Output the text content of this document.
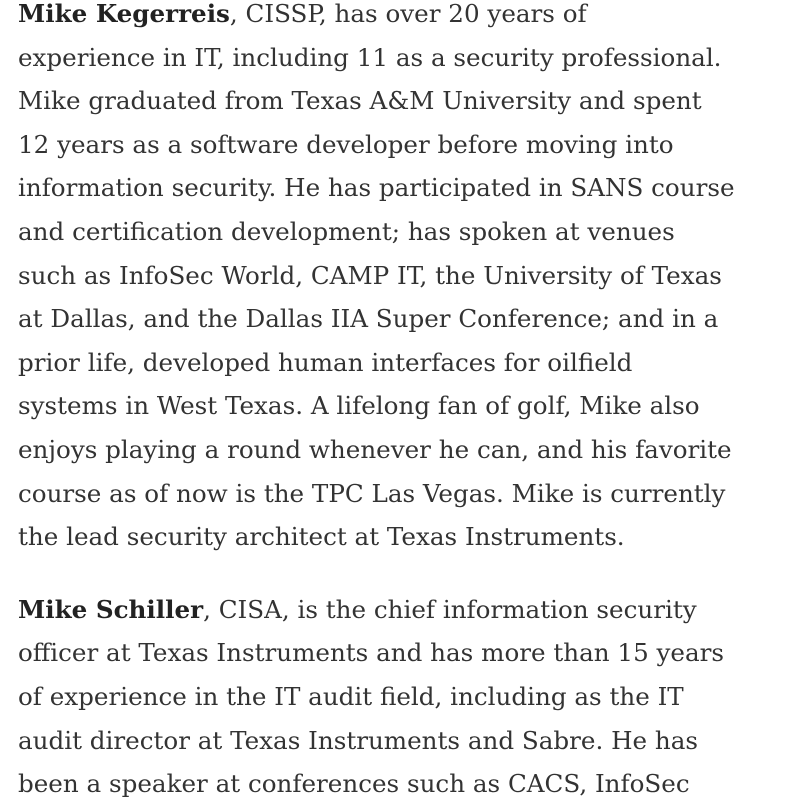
Mike Kegerreis, CISSP, has over 20 years of
experience in IT, including 11 as a security professional.
Mike graduated from Texas A&M University and spent
12 years as a software developer before moving into
information security. He has participated in SANS course
and certification development; has spoken at venues
such as InfoSec World, CAMP IT, the University of Texas
at Dallas, and the Dallas IIA Super Conference; and in a
prior life, developed human interfaces for oilfield
systems in West Texas. A lifelong fan of golf, Mike also
enjoys playing a round whenever he can, and his favorite
course as of now is the TPC Las Vegas. Mike is currently
the lead security architect at Texas Instruments.

Mike Schiller, CISA, is the chief information security
officer at Texas Instruments and has more than 15 years
of experience in the IT audit field, including as the IT
audit director at Texas Instruments and Sabre. He has
been a speaker at conferences such as CACS, InfoSec
